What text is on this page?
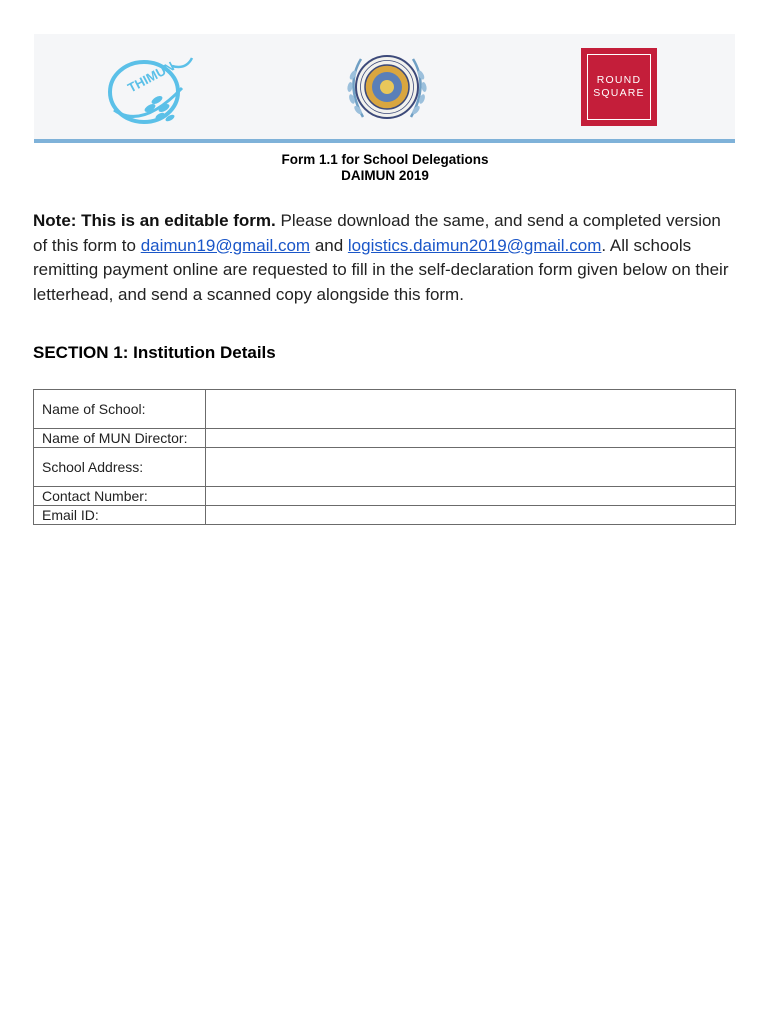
THIMUN	ROUND
SQUARE
Form 1.1 for School Delegations
DAIMUN 2019
Note: This is an editable form. Please download the same, and send a completed version of this form to daimun19@gmail.com and logistics.daimun2019@gmail.com. All schools remitting payment online are requested to fill in the self-declaration form given below on their letterhead, and send a scanned copy alongside this form.
SECTION 1: Institution Details
Name of School:	

Name of MUN Director:	

School Address:	

Contact Number:	

Email ID:	
